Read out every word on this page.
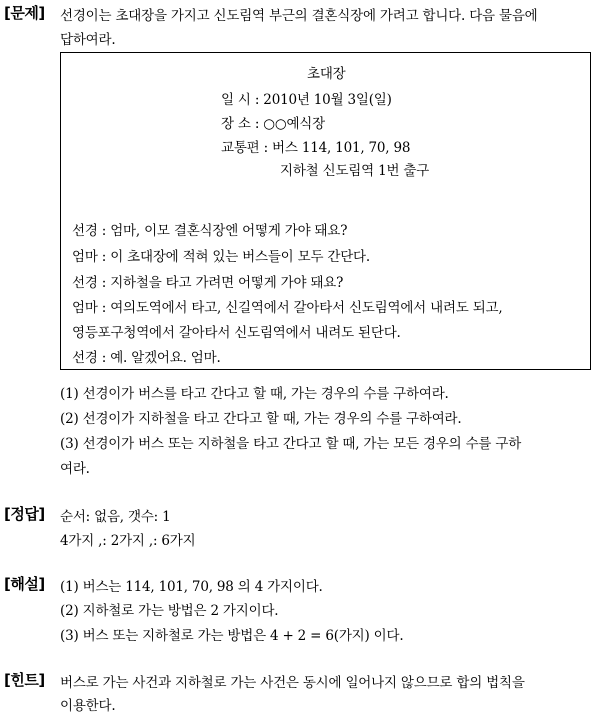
[문제] 선경이는 초대장을 가지고 신도림역 부근의 결혼식장에 가려고 합니다. 다음 물음에
답하여라.
초대장
일 시 : 2010년 10월 3일(일)
장 소 : ○○예식장
교통편 : 버스 114, 101, 70, 98
지하철 신도림역 1번 출구
선경 : 엄마, 이모 결혼식장엔 어떻게 가야 돼요?
엄마 : 이 초대장에 적혀 있는 버스들이 모두 간단다.
선경 : 지하철을 타고 가려면 어떻게 가야 돼요?
엄마 : 여의도역에서 타고, 신길역에서 갈아타서 신도림역에서 내려도 되고,
영등포구청역에서 갈아타서 신도림역에서 내려도 된단다.
선경 : 예. 알겠어요. 엄마.
(1) 선경이가 버스를 타고 간다고 할 때, 가는 경우의 수를 구하여라.
(2) 선경이가 지하철을 타고 간다고 할 때, 가는 경우의 수를 구하여라.
(3) 선경이가 버스 또는 지하철을 타고 간다고 할 때, 가는 모든 경우의 수를 구하
여라.
[정답] 순서: 없음, 갯수: 1
4가지 ,: 2가지 ,: 6가지
[해설] (1) 버스는 114, 101, 70, 98 의 4 가지이다.
(2) 지하철로 가는 방법은 2 가지이다.
(3) 버스 또는 지하철로 가는 방법은 4 + 2 = 6(가지) 이다.
[힌트] 버스로 가는 사건과 지하철로 가는 사건은 동시에 일어나지 않으므로 합의 법칙을
이용한다.
